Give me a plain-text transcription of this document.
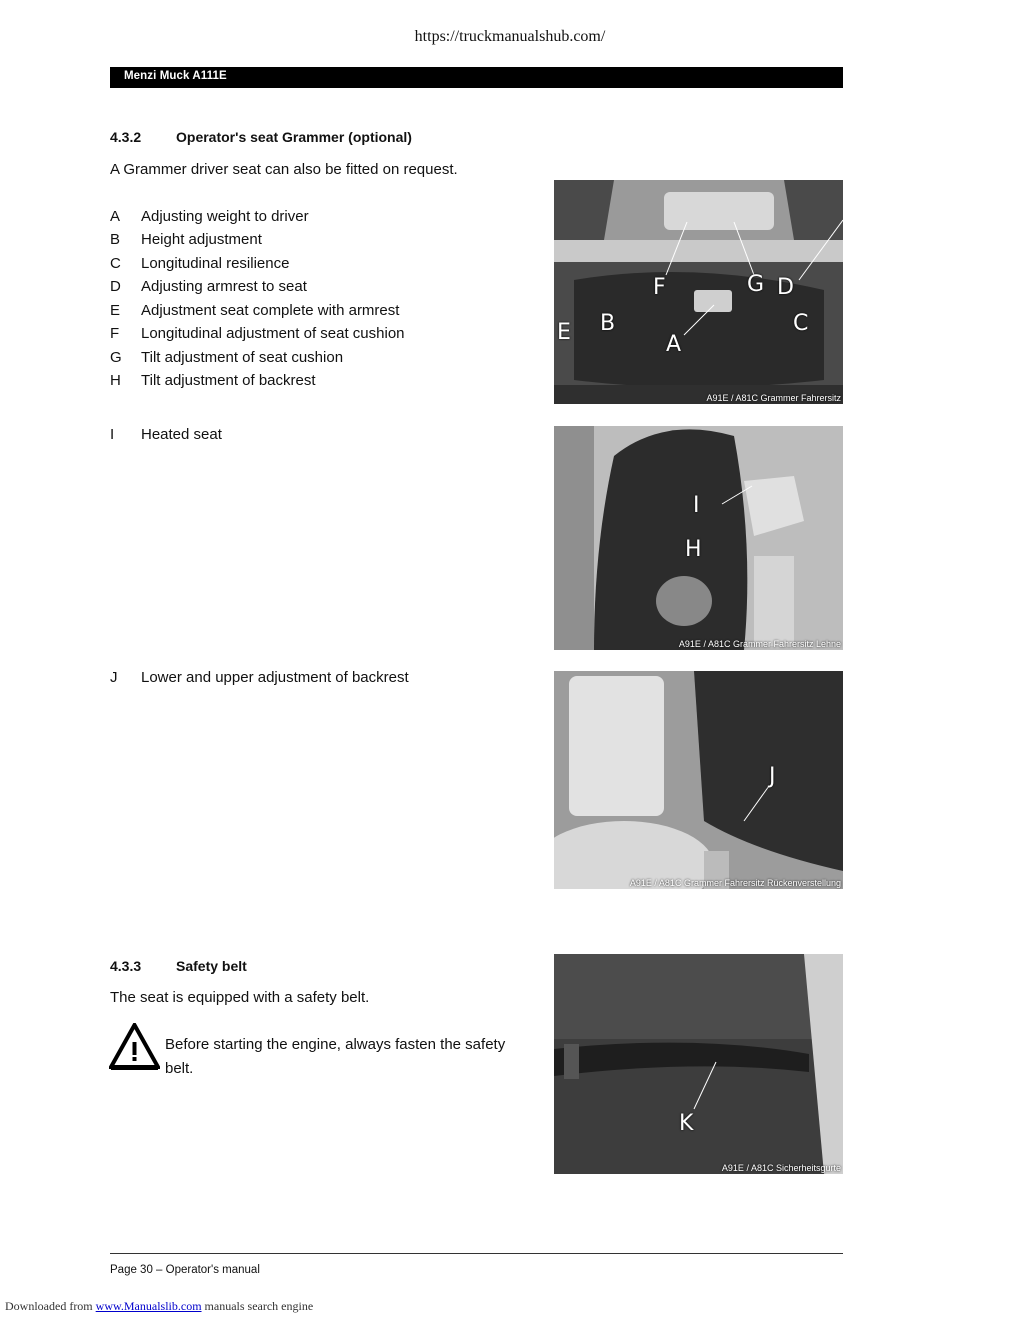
https://truckmanualshub.com/
Menzi Muck A111E
4.3.2 Operator's seat Grammer (optional)
A Grammer driver seat can also be fitted on request.
A	Adjusting weight to driver
B	Height adjustment
C	Longitudinal resilience
D	Adjusting armrest to seat
E	Adjustment seat complete with armrest
F	Longitudinal adjustment of seat cushion
G	Tilt adjustment of seat cushion
H	Tilt adjustment of backrest
I	Heated seat
J	Lower and upper adjustment of backrest
F	G D
E B	C
A
A91E / A81C Grammer Fahrersitz
I
H
A91E / A81C Grammer Fahrersitz Lehne
J
A91E / A81C Grammer Fahrersitz Rückenverstellung
4.3.3 Safety belt
The seat is equipped with a safety belt.
Before starting the engine, always fasten the safety
belt.
K
A91E / A81C Sicherheitsgurte
Page 30 – Operator's manual
Downloaded from www.Manualslib.com manuals search engine
